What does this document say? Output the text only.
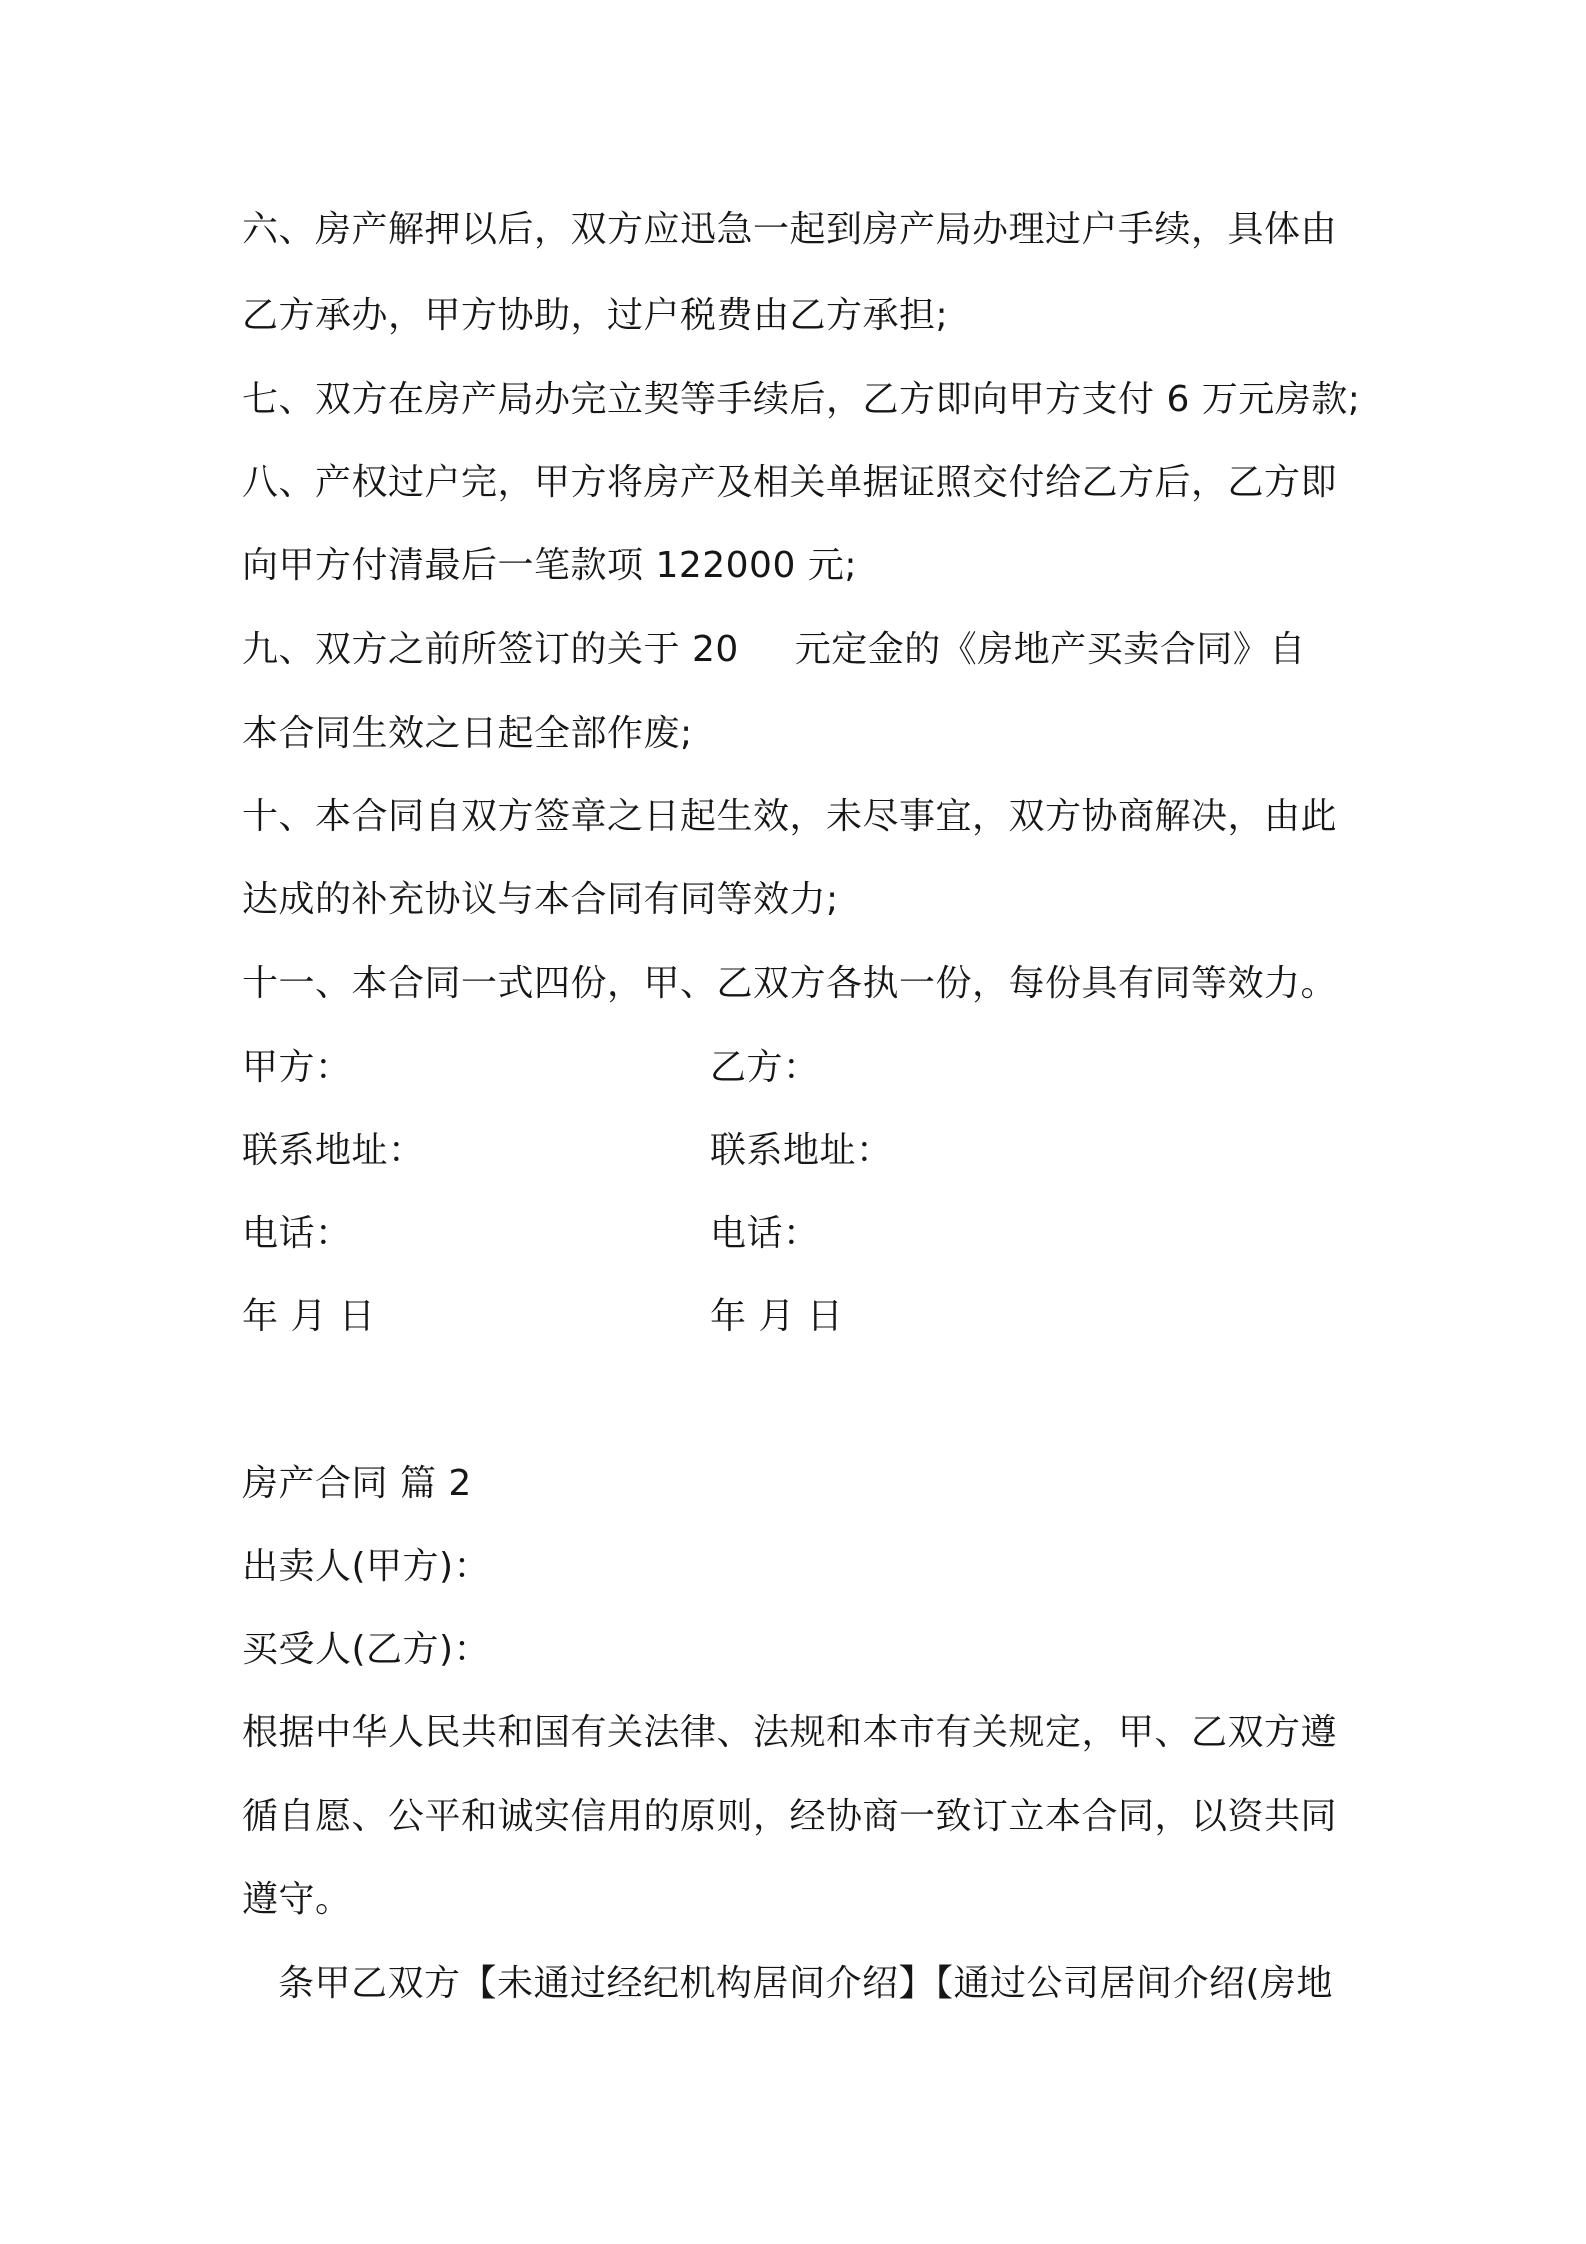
六、房产解押以后，双方应迅急一起到房产局办理过户手续，具体由
乙方承办，甲方协助，过户税费由乙方承担;
七、双方在房产局办完立契等手续后，乙方即向甲方支付 6 万元房款;
八、产权过户完，甲方将房产及相关单据证照交付给乙方后，乙方即
向甲方付清最后一笔款项 122000 元;
九、双方之前所签订的关于 20 元定金的《房地产买卖合同》自
本合同生效之日起全部作废;
十、本合同自双方签章之日起生效，未尽事宜，双方协商解决，由此
达成的补充协议与本合同有同等效力;
十一、本合同一式四份，甲、乙双方各执一份，每份具有同等效力。
甲方：	乙方：
联系地址：	联系地址：
电话：	电话：
年 月 日	年 月 日
房产合同 篇 2
出卖人(甲方)：
买受人(乙方)：
根据中华人民共和国有关法律、法规和本市有关规定，甲、乙双方遵
循自愿、公平和诚实信用的原则，经协商一致订立本合同，以资共同
遵守。
条甲乙双方【未通过经纪机构居间介绍】【通过公司居间介绍(房地
